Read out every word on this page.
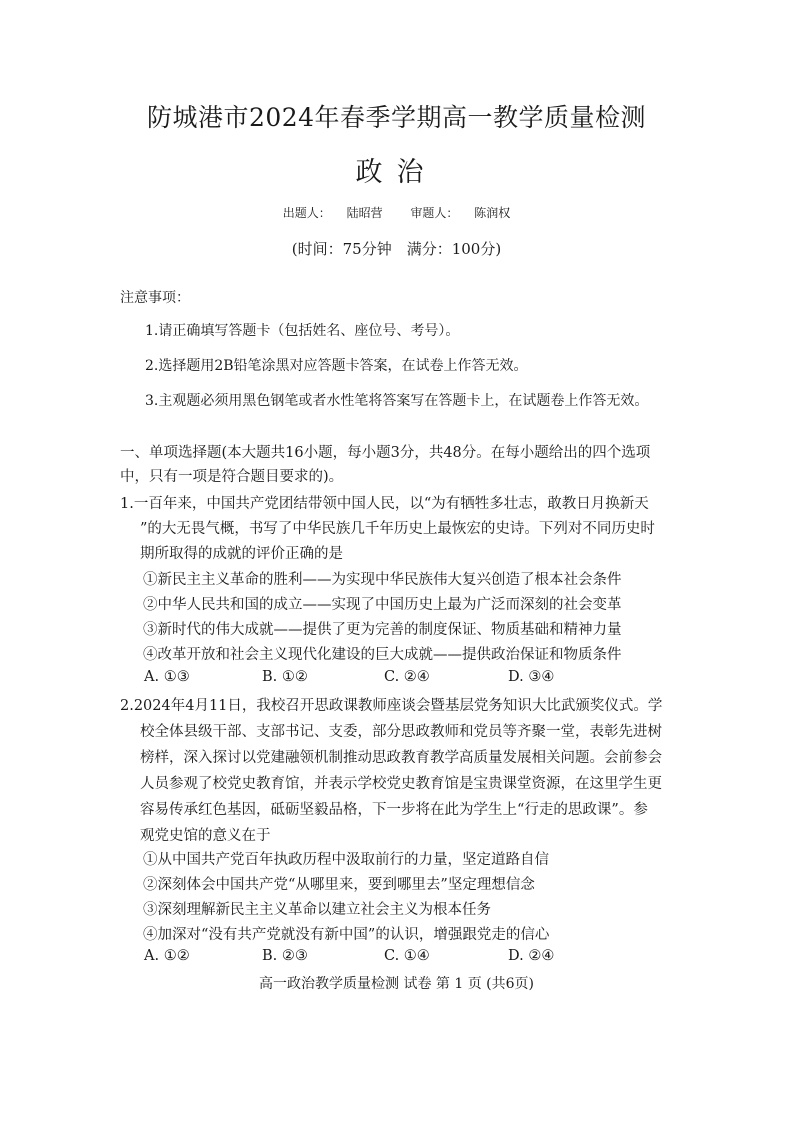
防城港市2024年春季学期高一教学质量检测
政治
出题人： 陆昭营 审题人： 陈润权
(时间：75分钟　满分：100分)
注意事项：
1.请正确填写答题卡（包括姓名、座位号、考号）。
2.选择题用2B铅笔涂黑对应答题卡答案，在试卷上作答无效。
3.主观题必须用黑色钢笔或者水性笔将答案写在答题卡上，在试题卷上作答无效。
一、单项选择题(本大题共16小题，每小题3分，共48分。在每小题给出的四个选项
中，只有一项是符合题目要求的)。
1.一百年来，中国共产党团结带领中国人民，以“为有牺牲多壮志，敢教日月换新天
”的大无畏气概，书写了中华民族几千年历史上最恢宏的史诗。下列对不同历史时
期所取得的成就的评价正确的是
①新民主主义革命的胜利——为实现中华民族伟大复兴创造了根本社会条件
②中华人民共和国的成立——实现了中国历史上最为广泛而深刻的社会变革
③新时代的伟大成就——提供了更为完善的制度保证、物质基础和精神力量
④改革开放和社会主义现代化建设的巨大成就——提供政治保证和物质条件
A. ①③	B. ①②	C. ②④	D. ③④
2.2024年4月11日，我校召开思政课教师座谈会暨基层党务知识大比武颁奖仪式。学
校全体县级干部、支部书记、支委，部分思政教师和党员等齐聚一堂，表彰先进树
榜样，深入探讨以党建融领机制推动思政教育教学高质量发展相关问题。会前参会
人员参观了校党史教育馆，并表示学校党史教育馆是宝贵课堂资源，在这里学生更
容易传承红色基因，砥砺坚毅品格，下一步将在此为学生上“行走的思政课”。参
观党史馆的意义在于
①从中国共产党百年执政历程中汲取前行的力量，坚定道路自信
②深刻体会中国共产党“从哪里来，要到哪里去”坚定理想信念
③深刻理解新民主主义革命以建立社会主义为根本任务
④加深对“没有共产党就没有新中国”的认识，增强跟党走的信心
A. ①②	B. ②③	C. ①④	D. ②④
高一政治教学质量检测 试卷 第 1 页 (共6页)
